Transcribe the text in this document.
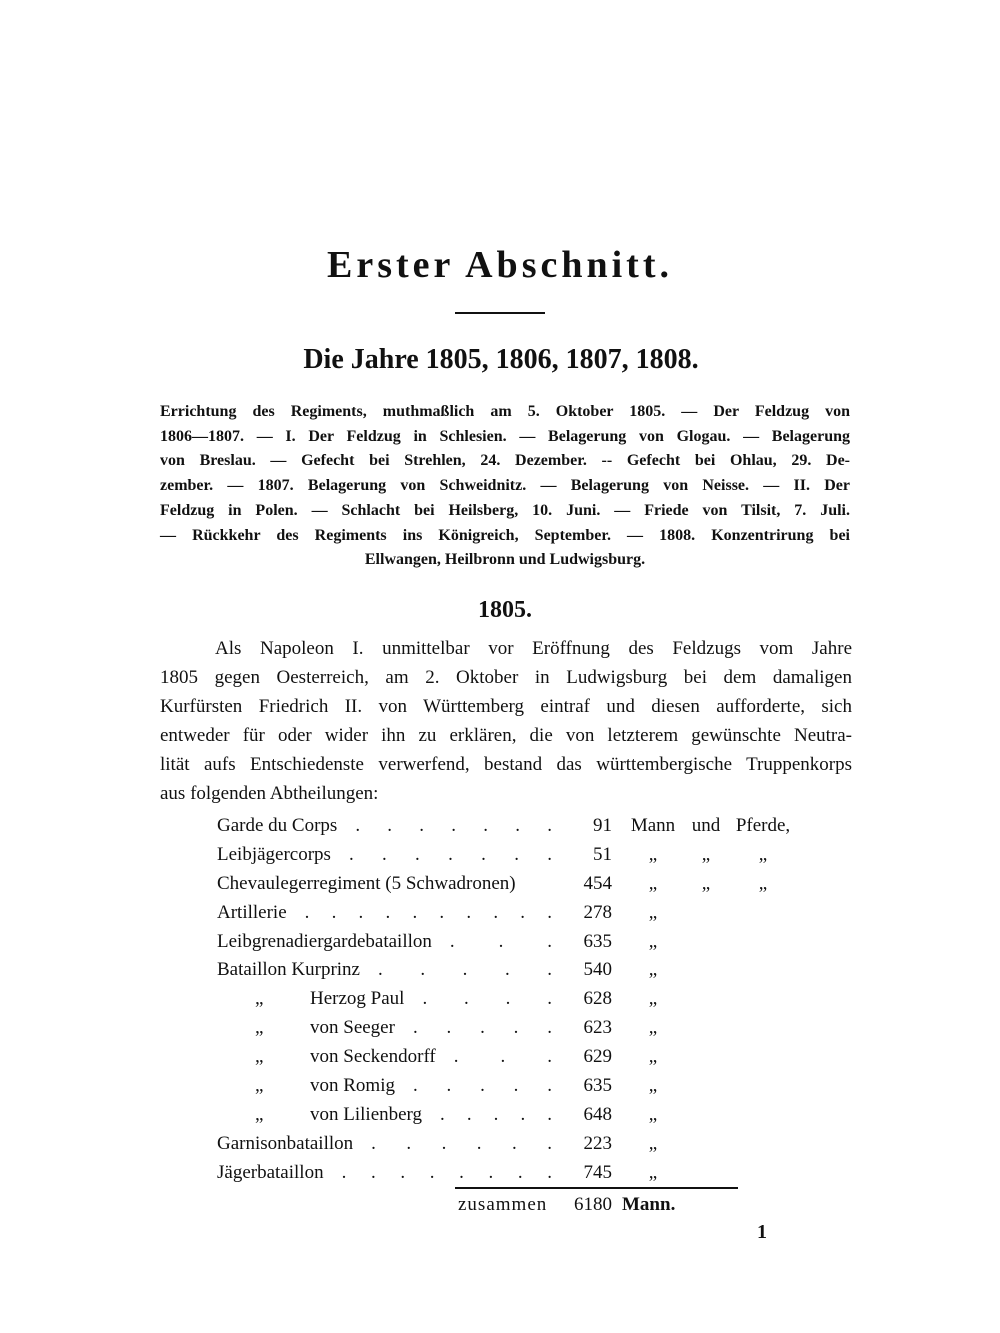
Erster Abschnitt.
Die Jahre 1805, 1806, 1807, 1808.
Errichtung des Regiments, muthmaßlich am 5. Oktober 1805. — Der Feldzug von
1806—1807. — I. Der Feldzug in Schlesien. — Belagerung von Glogau. — Belagerung
von Breslau. — Gefecht bei Strehlen, 24. Dezember. -- Gefecht bei Ohlau, 29. De-
zember. — 1807. Belagerung von Schweidnitz. — Belagerung von Neisse. — II. Der
Feldzug in Polen. — Schlacht bei Heilsberg, 10. Juni. — Friede von Tilsit, 7. Juli.
— Rückkehr des Regiments ins Königreich, September. — 1808. Konzentrirung bei
Ellwangen, Heilbronn und Ludwigsburg.
1805.
Als Napoleon I. unmittelbar vor Eröffnung des Feldzugs vom Jahre
1805 gegen Oesterreich, am 2. Oktober in Ludwigsburg bei dem damaligen
Kurfürsten Friedrich II. von Württemberg eintraf und diesen aufforderte, sich
entweder für oder wider ihn zu erklären, die von letzterem gewünschte Neutra-
lität aufs Entschiedenste verwerfend, bestand das württembergische Truppenkorps
aus folgenden Abtheilungen:
Garde du Corps . . . . . . .	91 Mann und Pferde,
Leibjägercorps . . . . . . .	51	„	„	„
Chevaulegerregiment (5 Schwadronen)	454	„	„	„
Artillerie . . . . . . . . . .	278	„
Leibgrenadiergardebataillon . . .	635	„
Bataillon Kurprinz . . . . .	540	„
„	Herzog Paul . . . .	628	„
„	von Seeger . . . . .	623	„
„	von Seckendorff . . .	629	„
„	von Romig . . . . .	635	„
„	von Lilienberg . . . . .	648	„
Garnisonbataillon . . . . . .	223	„
Jägerbataillon . . . . . . . .	745	„
zusammen	6180 Mann.
1
